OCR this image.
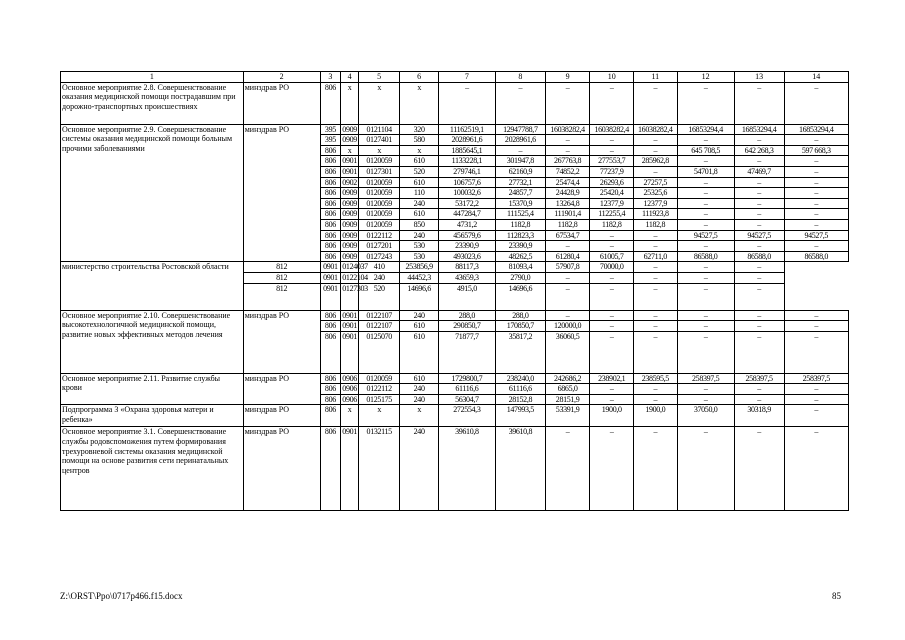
1	2	3	4	5	6	7	8	9	10	11	12	13	14
Основное мероприятие 2.8. Совершенствование оказания медицинской помощи пострадавшим при дорожно-транспортных происшествиях	минздрав РО	806	x	x	x	–	–	–	–	–	–	–	–
Основное мероприятие 2.9. Совершенствование системы оказания медицинской помощи больным прочими заболеваниями	минздрав РО	395	0909	0121104	320	11162519,1	12947788,7	16038282,4	16038282,4	16038282,4	16853294,4	16853294,4	16853294,4
		395	0909	0127401	580	2028961,6	2028961,6	–	–	–	–	–	–
		806	x	x	x	1885645,1	–	–	–	–	645 708,5	642 268,3	597 668,3
		806	0901	0120059	610	1133228,1	301947,8	267763,8	277553,7	285962,8	–	–	–
		806	0901	0127301	520	279746,1	62160,9	74852,2	77237,9	–	54701,8	47469,7	–
		806	0902	0120059	610	106757,6	27732,1	25474,4	26293,6	27257,5	–	–	–
		806	0909	0120059	110	100032,6	24857,7	24428,9	25420,4	25325,6	–	–	–
		806	0909	0120059	240	53172,2	15370,9	13264,8	12377,9	12377,9	–	–	–
		806	0909	0120059	610	447284,7	111525,4	111901,4	112255,4	111923,8	–	–	–
		806	0909	0120059	850	4731,2	1182,8	1182,8	1182,8	1182,8	–	–	–
		806	0909	0122112	240	456579,6	112823,3	67534,7	–	–	94527,5	94527,5	94527,5
		806	0909	0127201	530	23390,9	23390,9	–	–	–	–	–	–
		806	0909	0127243	530	493023,6	48262,5	61280,4	61005,7	62711,0	86588,0	86588,0	86588,0
министерство строительства Ростовской области	812	0901	0124037	410	253856,9	88117,3	81093,4	57907,8	70000,0	–	–	–	
	812	0901	0122104	240	44452,3	43659,3	2790,0	–	–	–	–	–	
	812	0901	0127303	520	14696,6	4915,0	14696,6	–	–	–	–	–	
Основное мероприятие 2.10. Совершенствование высокотехнологичной медицинской помощи, развитие новых эффективных методов лечения	минздрав РО	806	0901	0122107	240	288,0	288,0	–	–	–	–	–	–
		806	0901	0122107	610	290850,7	170850,7	120000,0	–	–	–	–	–
		806	0901	0125070	610	71877,7	35817,2	36060,5	–	–	–	–	–
Основное мероприятие 2.11. Развитие службы крови	минздрав РО	806	0906	0120059	610	1729800,7	238240,0	242686,2	238902,1	238595,5	258397,5	258397,5	258397,5
		806	0906	0122112	240	61116,6	61116,6	6865,0	–	–	–	–	–
		806	0906	0125175	240	56304,7	28152,8	28151,9	–	–	–	–	–
Подпрограмма 3 «Охрана здоровья матери и ребенка»	минздрав РО	806	x	x	x	272554,3	147993,5	53391,9	1900,0	1900,0	37050,0	30318,9	–
Основное мероприятие 3.1. Совершенствование службы родовспоможения путем формирования трехуровневой системы оказания медицинской помощи на основе развития сети перинатальных центров	минздрав РО	806	0901	0132115	240	39610,8	39610,8	–	–	–	–	–	–
Z:\ORST\Ppo\0717p466.f15.docx	85
